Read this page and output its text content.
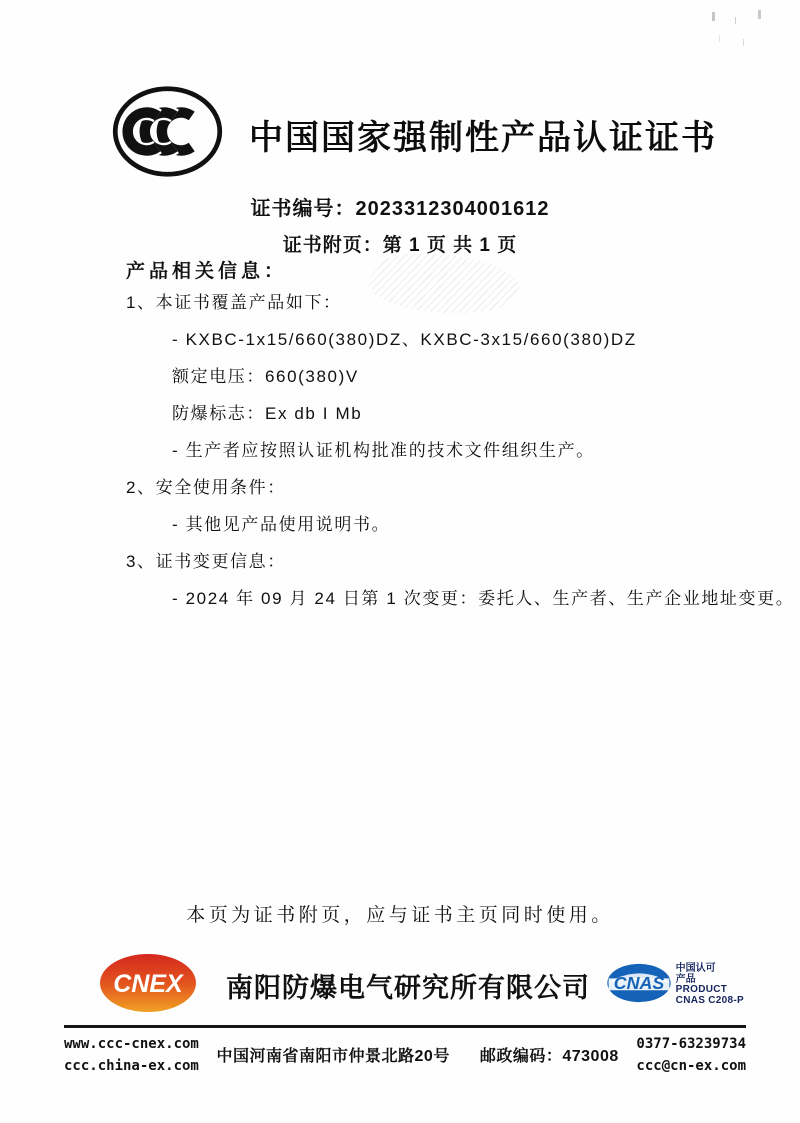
中国国家强制性产品认证证书
证书编号：2023312304001612
证书附页：第 1 页 共 1 页
产品相关信息：
1、本证书覆盖产品如下：
- KXBC-1x15/660(380)DZ、KXBC-3x15/660(380)DZ
额定电压：660(380)V
防爆标志：Ex db I Mb
- 生产者应按照认证机构批准的技术文件组织生产。
2、安全使用条件：
- 其他见产品使用说明书。
3、证书变更信息：
- 2024 年 09 月 24 日第 1 次变更：委托人、生产者、生产企业地址变更。
本页为证书附页，应与证书主页同时使用。
CNEX 南阳防爆电气研究所有限公司 CNAS
中国认可
产品
PRODUCT
CNAS C208-P
www.ccc-cnex.com
ccc.china-ex.com
中国河南省南阳市仲景北路20号 邮政编码：473008
0377-63239734
ccc@cn-ex.com
